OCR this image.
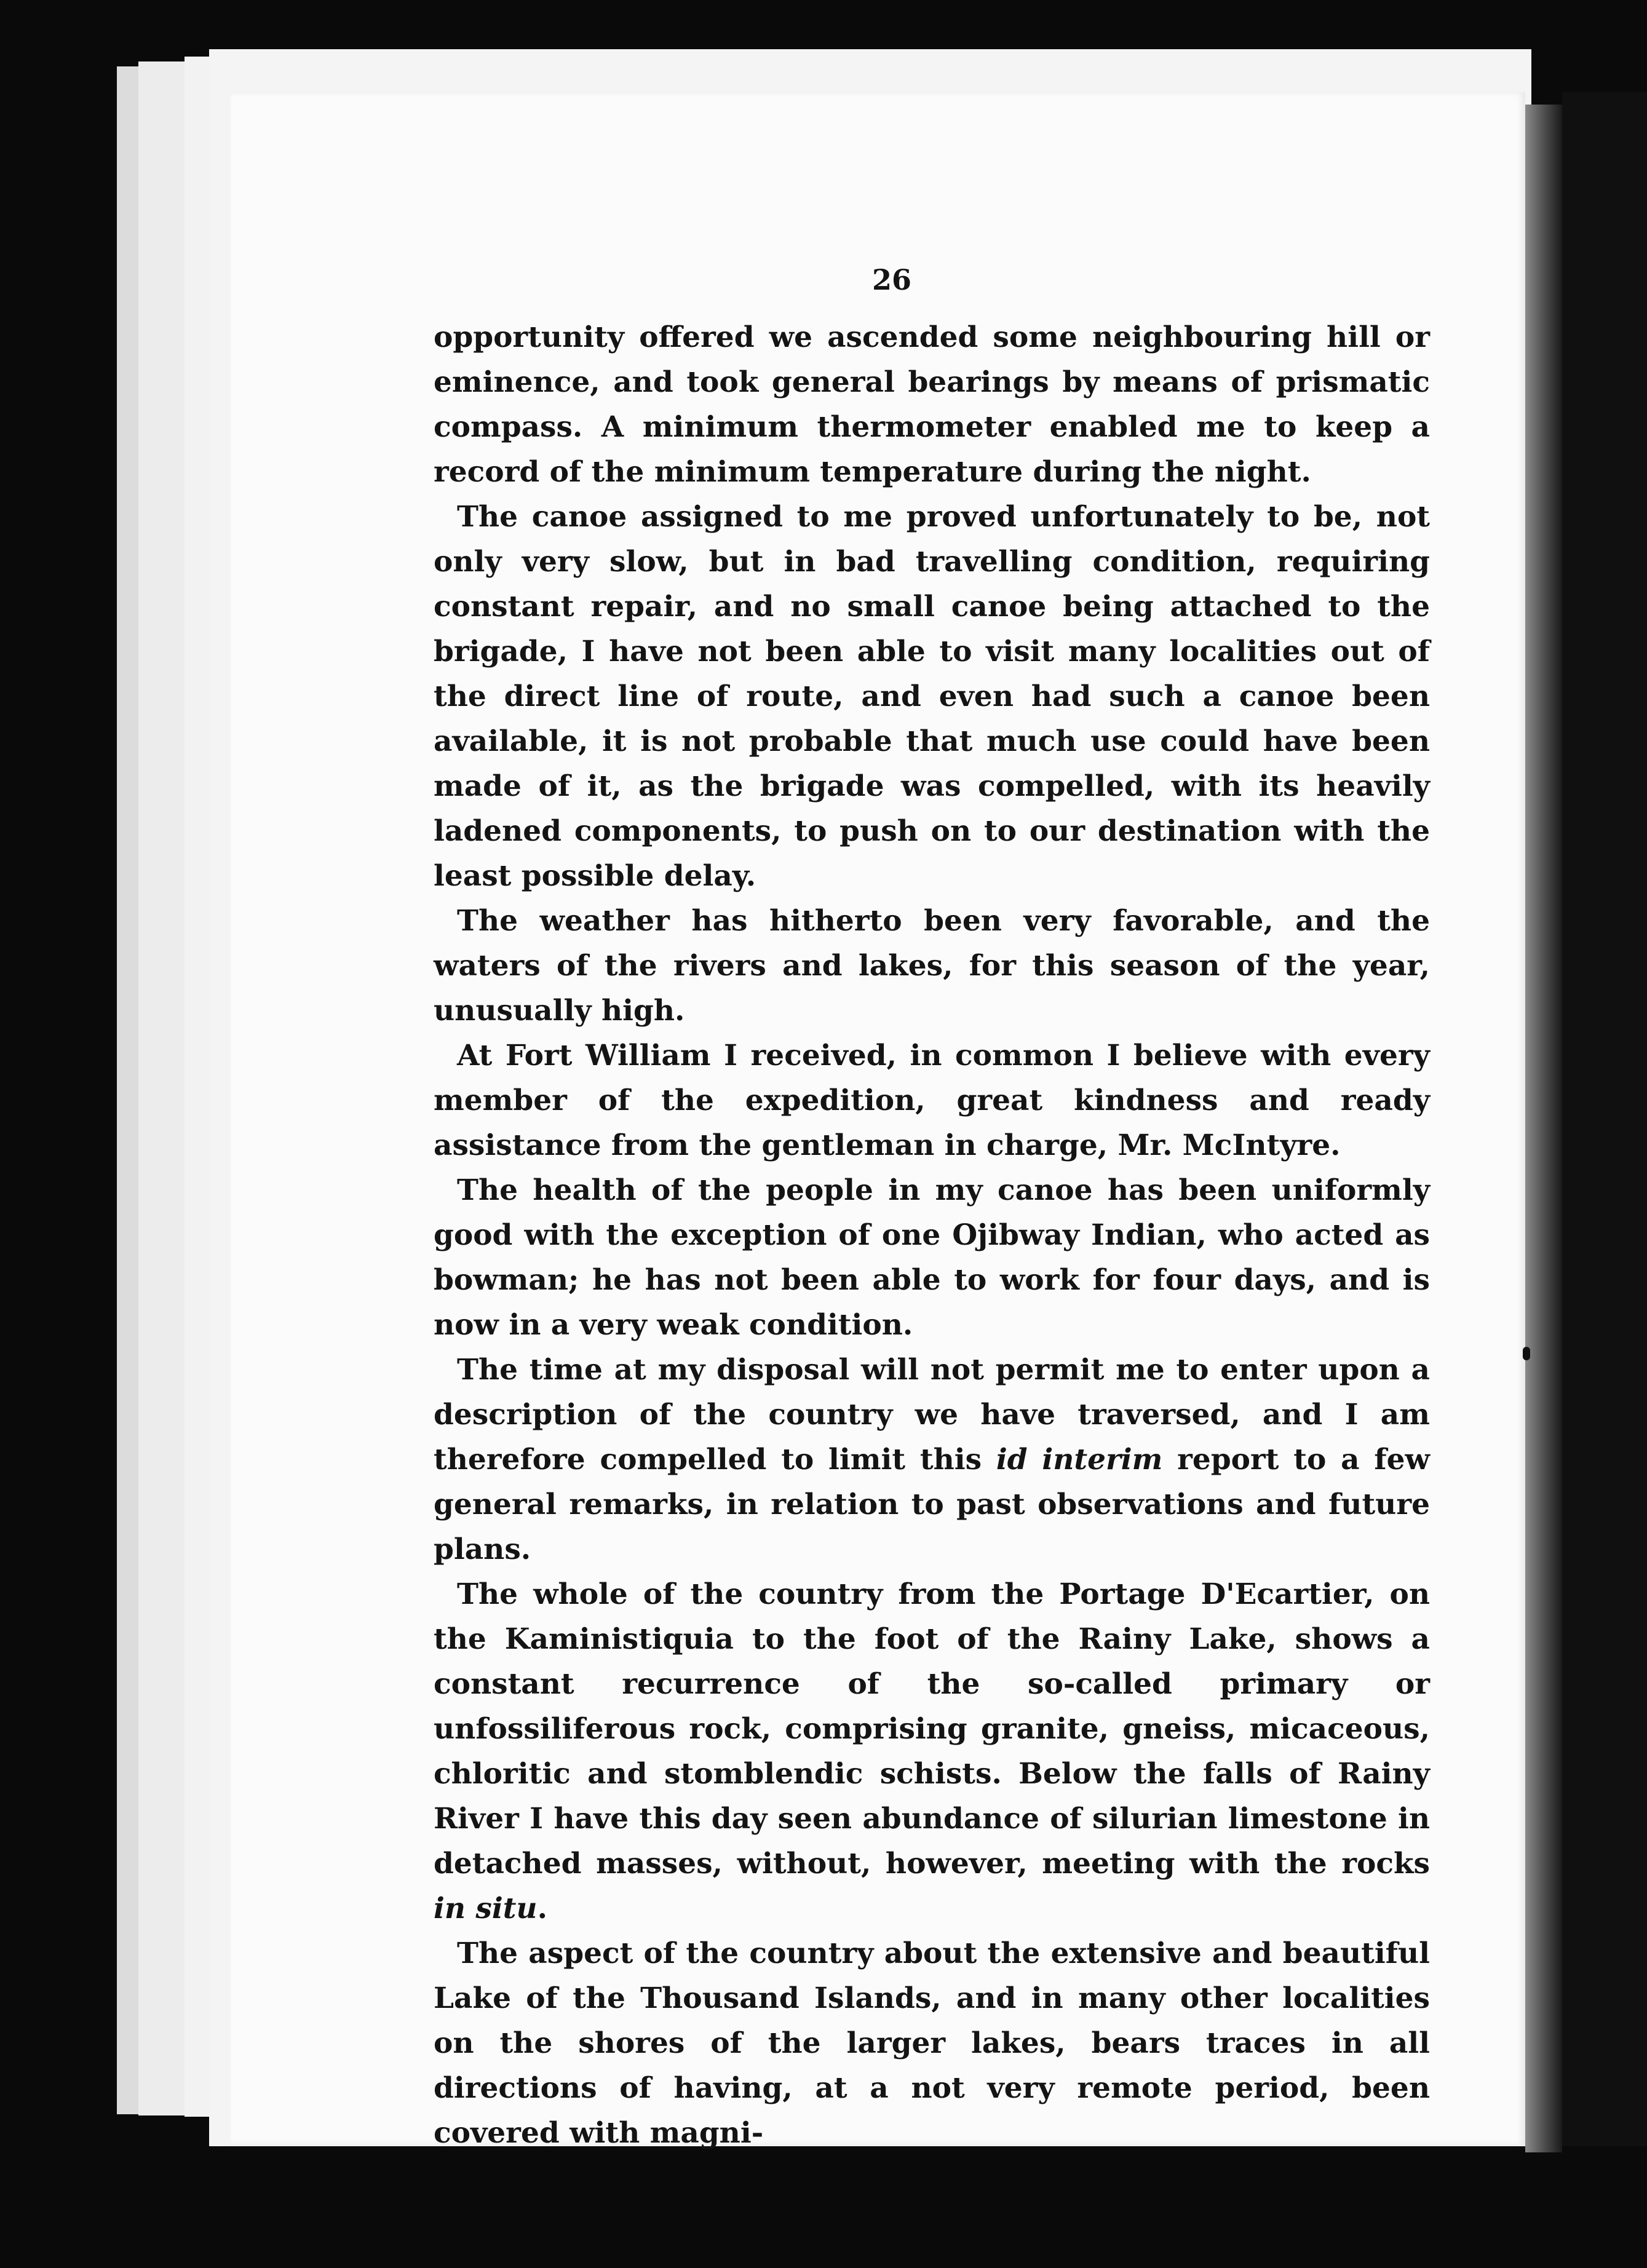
26

opportunity offered we ascended some neighbouring hill or eminence, and took general bearings by means of prismatic compass. A minimum thermometer enabled me to keep a record of the minimum temperature during the night.

The canoe assigned to me proved unfortunately to be, not only very slow, but in bad travelling condition, requiring constant repair, and no small canoe being attached to the brigade, I have not been able to visit many localities out of the direct line of route, and even had such a canoe been available, it is not probable that much use could have been made of it, as the brigade was compelled, with its heavily ladened components, to push on to our destination with the least possible delay.

The weather has hitherto been very favorable, and the waters of the rivers and lakes, for this season of the year, unusually high.

At Fort William I received, in common I believe with every member of the expedition, great kindness and ready assistance from the gentleman in charge, Mr. McIntyre.

The health of the people in my canoe has been uniformly good with the exception of one Ojibway Indian, who acted as bowman; he has not been able to work for four days, and is now in a very weak condition.

The time at my disposal will not permit me to enter upon a description of the country we have traversed, and I am therefore compelled to limit this id interim report to a few general remarks, in relation to past observations and future plans.

The whole of the country from the Portage D'Ecartier, on the Kaministiquia to the foot of the Rainy Lake, shows a constant recurrence of the so-called primary or unfossiliferous rock, comprising granite, gneiss, micaceous, chloritic and stomblendic schists. Below the falls of Rainy River I have this day seen abundance of silurian limestone in detached masses, without, however, meeting with the rocks in situ.

The aspect of the country about the extensive and beautiful Lake of the Thousand Islands, and in many other localities on the shores of the larger lakes, bears traces in all directions of having, at a not very remote period, been covered with magni-
